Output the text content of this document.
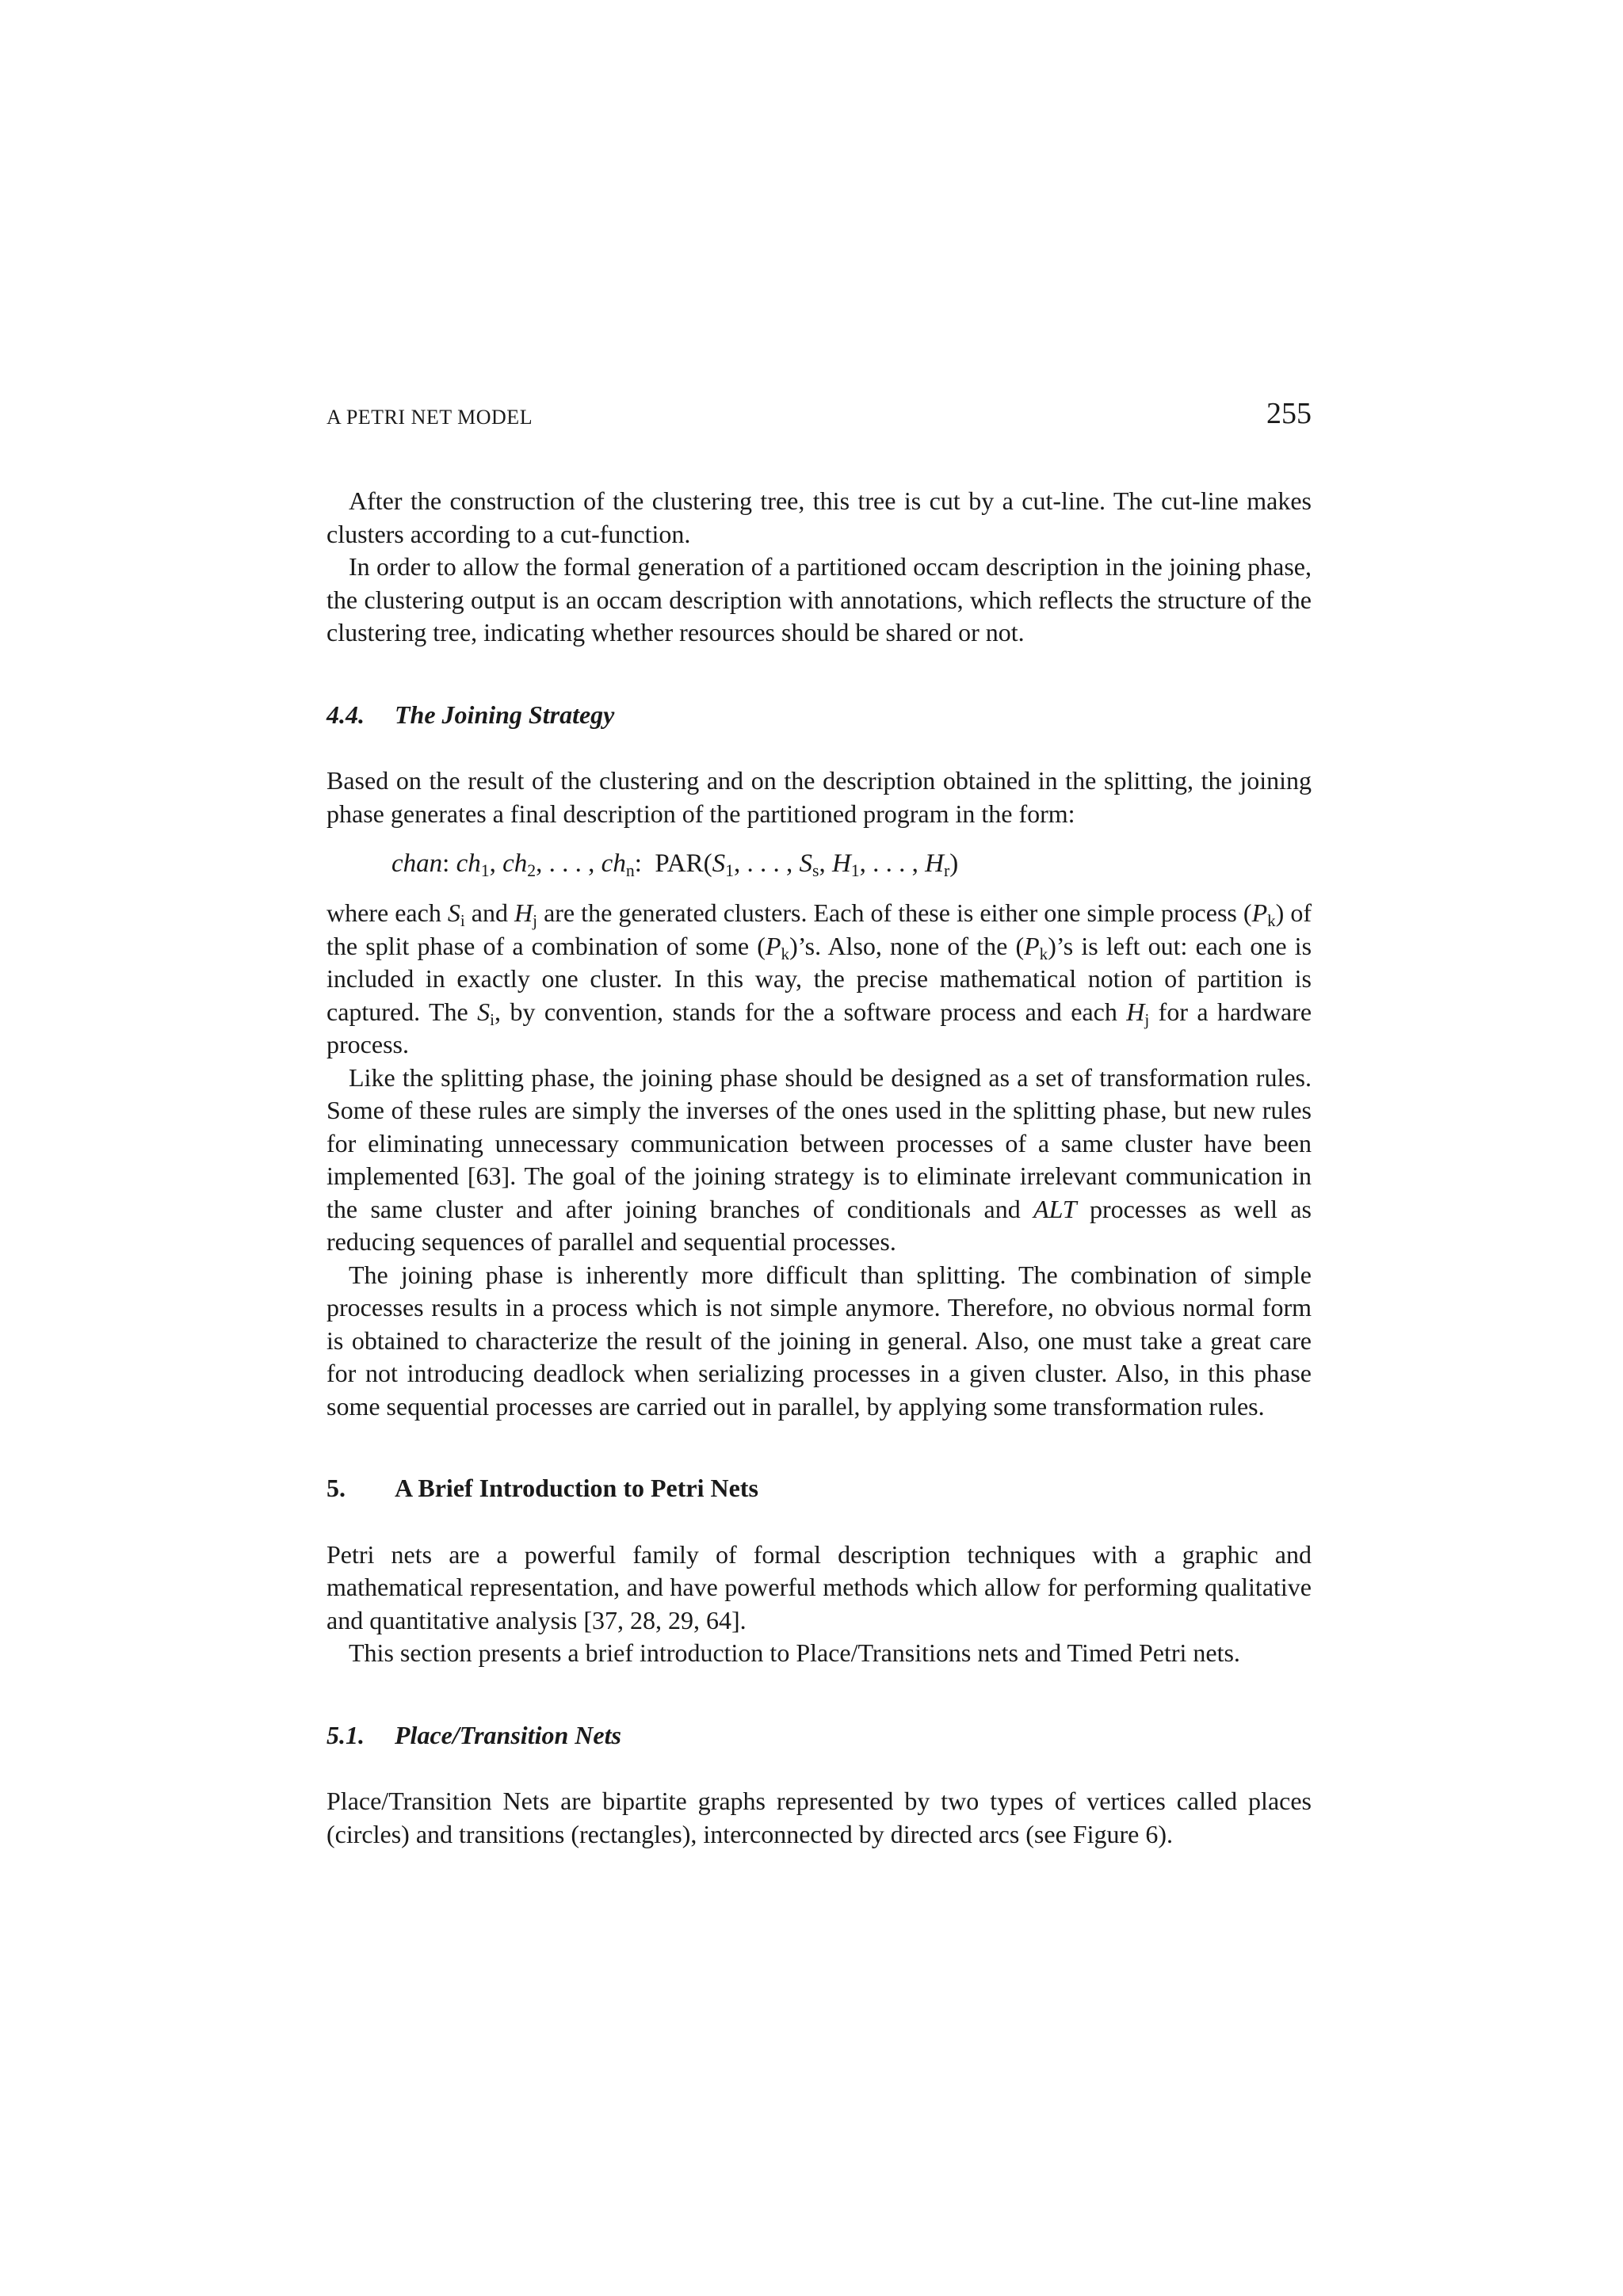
A PETRI NET MODEL	255

After the construction of the clustering tree, this tree is cut by a cut-line. The cut-line makes clusters according to a cut-function.

In order to allow the formal generation of a partitioned occam description in the joining phase, the clustering output is an occam description with annotations, which reflects the structure of the clustering tree, indicating whether resources should be shared or not.

4.4. The Joining Strategy

Based on the result of the clustering and on the description obtained in the splitting, the joining phase generates a final description of the partitioned program in the form:

chan: $ch_1$, $ch_2$, . . . , $ch_n$:  $PAR(S_1$, . . . , $S_s$, $H_1$, . . . , $H_r$)

where each $S_i$ and $H_j$ are the generated clusters. Each of these is either one simple process $(P_k)$ of the split phase of a combination of some $(P_k)’s$. Also, none of the $(P_k)’s$ is left out: each one is included in exactly one cluster. In this way, the precise mathematical notion of partition is captured. The $S_i$, by convention, stands for the a software process and each $H_j$ for a hardware process.

Like the splitting phase, the joining phase should be designed as a set of transformation rules. Some of these rules are simply the inverses of the ones used in the splitting phase, but new rules for eliminating unnecessary communication between processes of a same cluster have been implemented [63]. The goal of the joining strategy is to eliminate irrelevant communication in the same cluster and after joining branches of conditionals and ALT processes as well as reducing sequences of parallel and sequential processes.

The joining phase is inherently more difficult than splitting. The combination of simple processes results in a process which is not simple anymore. Therefore, no obvious normal form is obtained to characterize the result of the joining in general. Also, one must take a great care for not introducing deadlock when serializing processes in a given cluster. Also, in this phase some sequential processes are carried out in parallel, by applying some transformation rules.

5. A Brief Introduction to Petri Nets

Petri nets are a powerful family of formal description techniques with a graphic and mathematical representation, and have powerful methods which allow for performing qualitative and quantitative analysis [37, 28, 29, 64].

This section presents a brief introduction to Place/Transitions nets and Timed Petri nets.

5.1. Place/Transition Nets

Place/Transition Nets are bipartite graphs represented by two types of vertices called places (circles) and transitions (rectangles), interconnected by directed arcs (see Figure 6).
